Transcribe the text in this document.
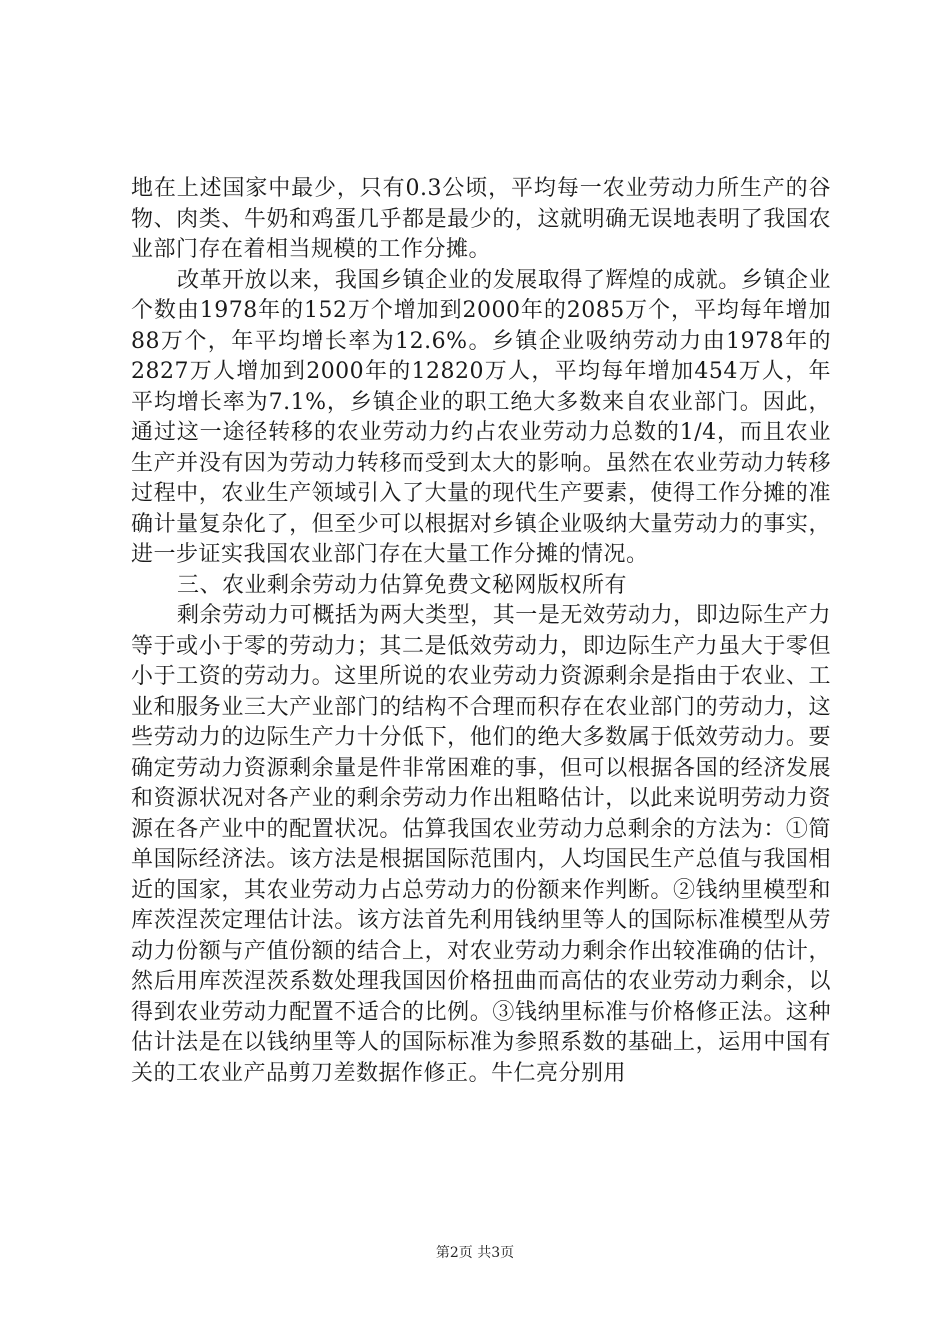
地在上述国家中最少，只有0.3公顷，平均每一农业劳动力所生产的谷物、肉类、牛奶和鸡蛋几乎都是最少的，这就明确无误地表明了我国农业部门存在着相当规模的工作分摊。

改革开放以来，我国乡镇企业的发展取得了辉煌的成就。乡镇企业个数由1978年的152万个增加到2000年的2085万个，平均每年增加88万个，年平均增长率为12.6%。乡镇企业吸纳劳动力由1978年的2827万人增加到2000年的12820万人，平均每年增加454万人，年平均增长率为7.1%，乡镇企业的职工绝大多数来自农业部门。因此，通过这一途径转移的农业劳动力约占农业劳动力总数的1/4，而且农业生产并没有因为劳动力转移而受到太大的影响。虽然在农业劳动力转移过程中，农业生产领域引入了大量的现代生产要素，使得工作分摊的准确计量复杂化了，但至少可以根据对乡镇企业吸纳大量劳动力的事实，进一步证实我国农业部门存在大量工作分摊的情况。

三、农业剩余劳动力估算免费文秘网版权所有

剩余劳动力可概括为两大类型，其一是无效劳动力，即边际生产力等于或小于零的劳动力；其二是低效劳动力，即边际生产力虽大于零但小于工资的劳动力。这里所说的农业劳动力资源剩余是指由于农业、工业和服务业三大产业部门的结构不合理而积存在农业部门的劳动力，这些劳动力的边际生产力十分低下，他们的绝大多数属于低效劳动力。要确定劳动力资源剩余量是件非常困难的事，但可以根据各国的经济发展和资源状况对各产业的剩余劳动力作出粗略估计，以此来说明劳动力资源在各产业中的配置状况。估算我国农业劳动力总剩余的方法为：①简单国际经济法。该方法是根据国际范围内，人均国民生产总值与我国相近的国家，其农业劳动力占总劳动力的份额来作判断。②钱纳里模型和库茨涅茨定理估计法。该方法首先利用钱纳里等人的国际标准模型从劳动力份额与产值份额的结合上，对农业劳动力剩余作出较准确的估计，然后用库茨涅茨系数处理我国因价格扭曲而高估的农业劳动力剩余，以得到农业劳动力配置不适合的比例。③钱纳里标准与价格修正法。这种估计法是在以钱纳里等人的国际标准为参照系数的基础上，运用中国有关的工农业产品剪刀差数据作修正。牛仁亮分别用

第2页 共3页
